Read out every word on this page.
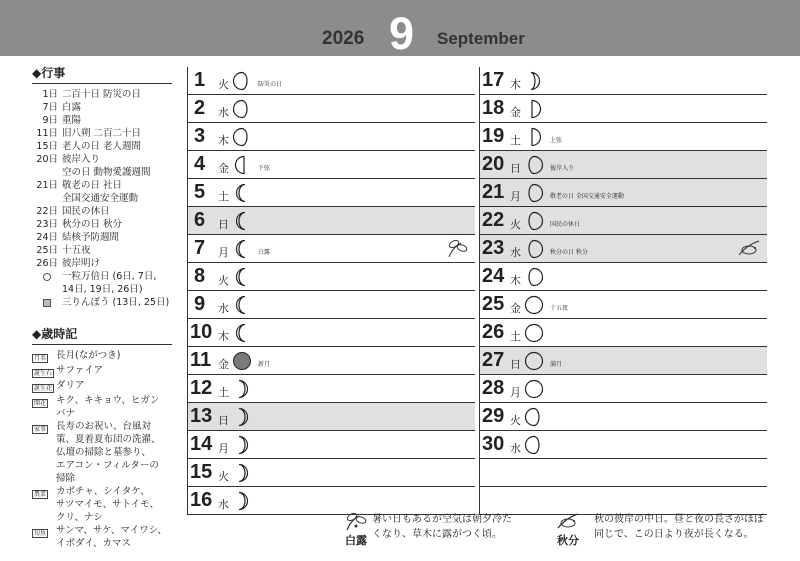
2026 9 September
◆行事
1日 二百十日 防災の日
7日 白露
9日 重陽
11日 旧八朔 二百二十日
15日 老人の日 老人週間
20日 彼岸入り
空の日 動物愛護週間
21日 敬老の日 社日
全国交通安全運動
22日 国民の休日
23日 秋分の日 秋分
24日 結核予防週間
25日 十五夜
26日 彼岸明け
一粒万倍日 (6日, 7日,
14日, 19日, 26日)
三りんぼう (13日, 25日)
◆歳時記
月名	長月(ながつき)
誕生石 サファイア
誕生花 ダリア
開花	キク、キキョウ、ヒガン
バナ
家事	長寿のお祝い、台風対
策、夏着夏布団の洗濯、
仏壇の掃除と墓参り、
エアコン・フィルターの
掃除
農業	カボチャ、シイタケ、
サツマイモ、サトイモ、
クリ、ナシ
旬魚	サンマ、サケ、マイワシ、
イボダイ、カマス
1 火	防災の日
2 水
3 木
4 金	下弦
5 土
6 日
7 月	白露
8 火
9 水
10 木
11 金	新月
12 土
13 日
14 月
15 火
16 水
17 木
18 金
19 土	上弦
20 日	彼岸入り
21 月	敬老の日 全国交通安全運動
22 火	国民の休日
23 水	秋分の日 秋分
24 木
25 金	十五夜
26 土
27 日	満月
28 月
29 火
30 水
白露
暑い日もあるが空気は朝夕冷た
くなり、草木に露がつく頃。	秋分
秋の彼岸の中日。昼と夜の長さがほぼ
同じで、この日より夜が長くなる。
